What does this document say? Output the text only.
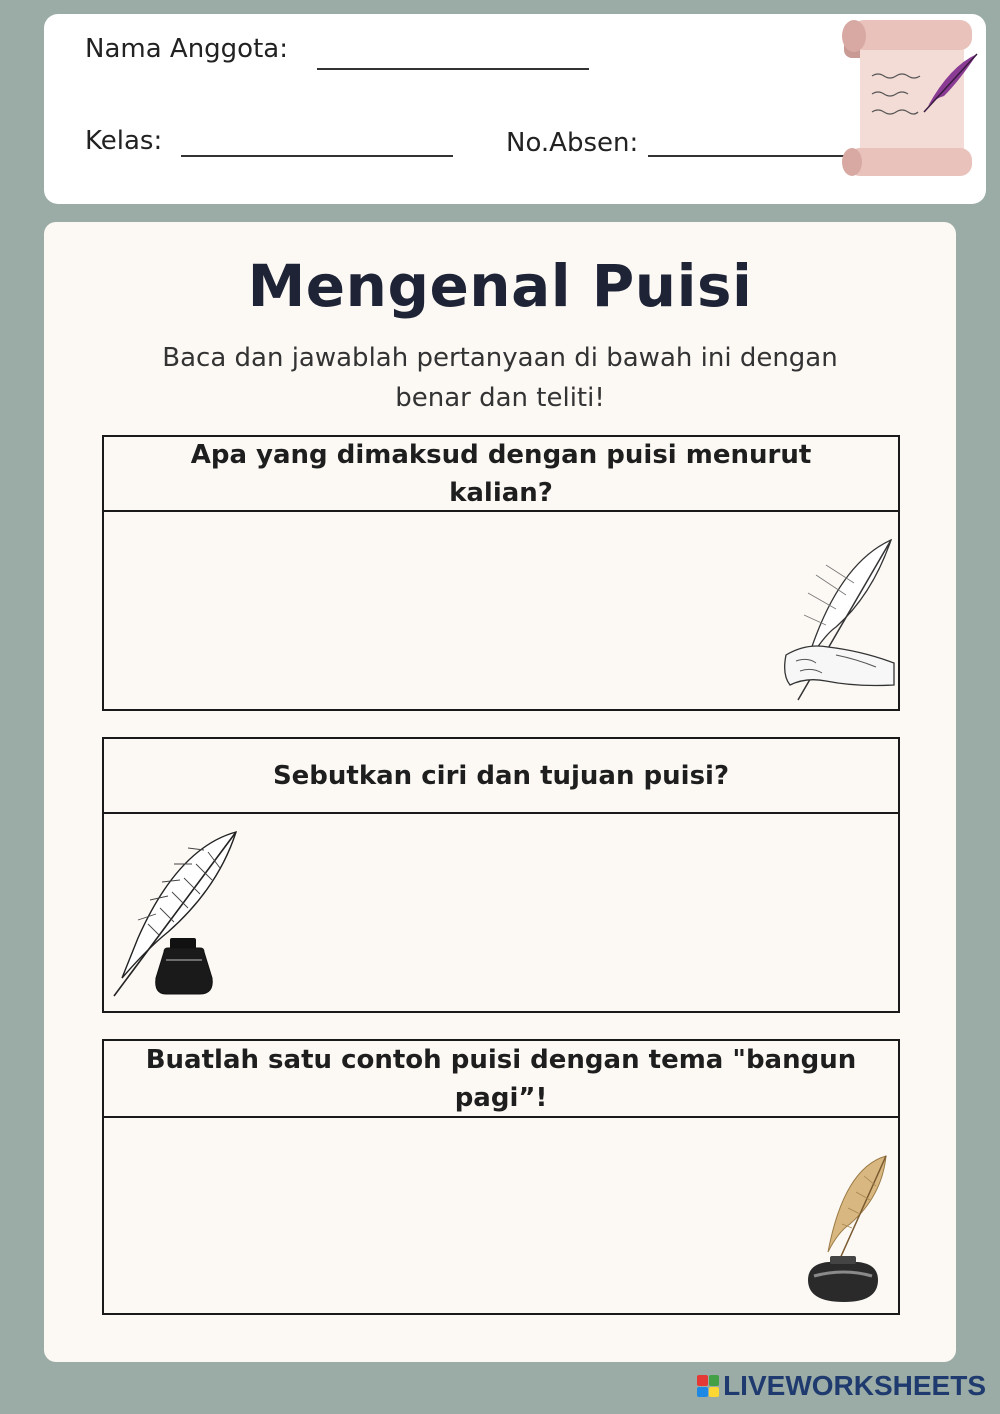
Nama Anggota:
Kelas:	No.Absen:
Mengenal Puisi
Baca dan jawablah pertanyaan di bawah ini dengan benar dan teliti!
Apa yang dimaksud dengan puisi menurut kalian?
Sebutkan ciri dan tujuan puisi?
Buatlah satu contoh puisi dengan tema "bangun pagi”!
LIVEWORKSHEETS
